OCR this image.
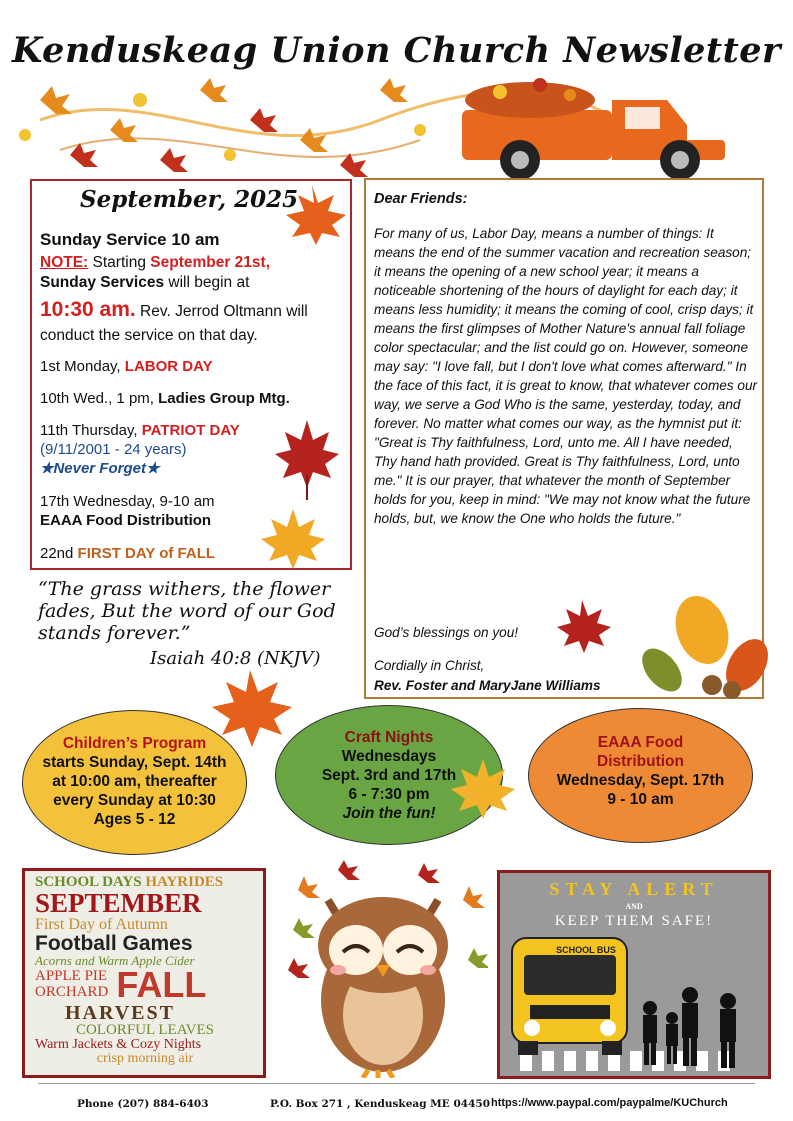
Kenduskeag Union Church Newsletter
September, 2025
Sunday Service 10 am
NOTE: Starting September 21st,
Sunday Services will begin at
10:30 am. Rev. Jerrod Oltmann will conduct the service on that day.
1st Monday, LABOR DAY
10th Wed., 1 pm, Ladies Group Mtg.
11th Thursday, PATRIOT DAY
(9/11/2001 - 24 years)
★Never Forget★
17th Wednesday, 9-10 am
EAAA Food Distribution
22nd FIRST DAY of FALL
“The grass withers, the flower fades, But the word of our God stands forever.”
Isaiah 40:8 (NKJV)
Dear Friends:
For many of us, Labor Day, means a number of things: It means the end of the summer vacation and recreation season; it means the opening of a new school year; it means a noticeable shortening of the hours of daylight for each day; it means less humidity; it means the coming of cool, crisp days; it means the first glimpses of Mother Nature's annual fall foliage color spectacular; and the list could go on. However, someone may say: "I love fall, but I don't love what comes afterward." In the face of this fact, it is great to know, that whatever comes our way, we serve a God Who is the same, yesterday, today, and forever. No matter what comes our way, as the hymnist put it: "Great is Thy faithfulness, Lord, unto me. All I have needed, Thy hand hath provided. Great is Thy faithfulness, Lord, unto me." It is our prayer, that whatever the month of September holds for you, keep in mind: "We may not know what the future holds, but, we know the One who holds the future."
God’s blessings on you!
Cordially in Christ,
Rev. Foster and MaryJane Williams
Children’s Program
starts Sunday, Sept. 14th
at 10:00 am, thereafter
every Sunday at 10:30
Ages 5 - 12
Craft Nights
Wednesdays
Sept. 3rd and 17th
6 - 7:30 pm
Join the fun!
EAAA Food Distribution
Wednesday, Sept. 17th
9 - 10 am
SCHOOL DAYS HAYRIDES
SEPTEMBER
First Day of Autumn
Football Games
Acorns and Warm Apple Cider
APPLE PIE
ORCHARD FALL
HARVEST
COLORFUL LEAVES
Warm Jackets & Cozy Nights
crisp morning air
STAY ALERT
AND
KEEP THEM SAFE!
SCHOOL BUS
Phone (207) 884-6403	P.O. Box 271 , Kenduskeag ME 04450 https://www.paypal.com/paypalme/KUChurch
